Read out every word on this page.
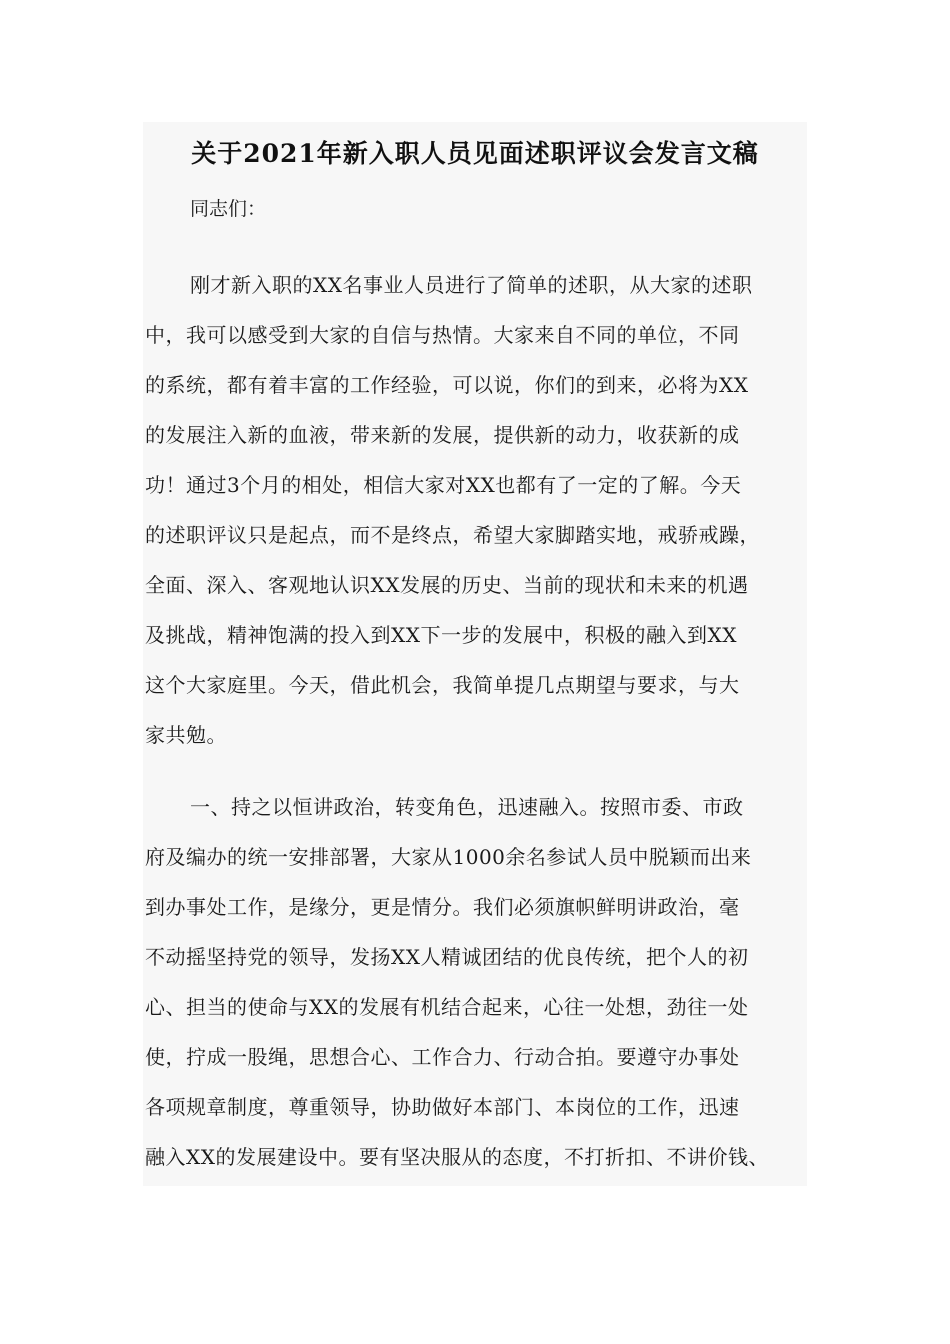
关于2021年新入职人员见面述职评议会发言文稿
同志们：
刚才新入职的XX名事业人员进行了简单的述职，从大家的述职
中，我可以感受到大家的自信与热情。大家来自不同的单位，不同
的系统，都有着丰富的工作经验，可以说，你们的到来，必将为XX
的发展注入新的血液，带来新的发展，提供新的动力，收获新的成
功！通过3个月的相处，相信大家对XX也都有了一定的了解。今天
的述职评议只是起点，而不是终点，希望大家脚踏实地，戒骄戒躁，
全面、深入、客观地认识XX发展的历史、当前的现状和未来的机遇
及挑战，精神饱满的投入到XX下一步的发展中，积极的融入到XX
这个大家庭里。今天，借此机会，我简单提几点期望与要求，与大
家共勉。
一、持之以恒讲政治，转变角色，迅速融入。按照市委、市政
府及编办的统一安排部署，大家从1000余名参试人员中脱颖而出来
到办事处工作，是缘分，更是情分。我们必须旗帜鲜明讲政治，毫
不动摇坚持党的领导，发扬XX人精诚团结的优良传统，把个人的初
心、担当的使命与XX的发展有机结合起来，心往一处想，劲往一处
使，拧成一股绳，思想合心、工作合力、行动合拍。要遵守办事处
各项规章制度，尊重领导，协助做好本部门、本岗位的工作，迅速
融入XX的发展建设中。要有坚决服从的态度，不打折扣、不讲价钱、
